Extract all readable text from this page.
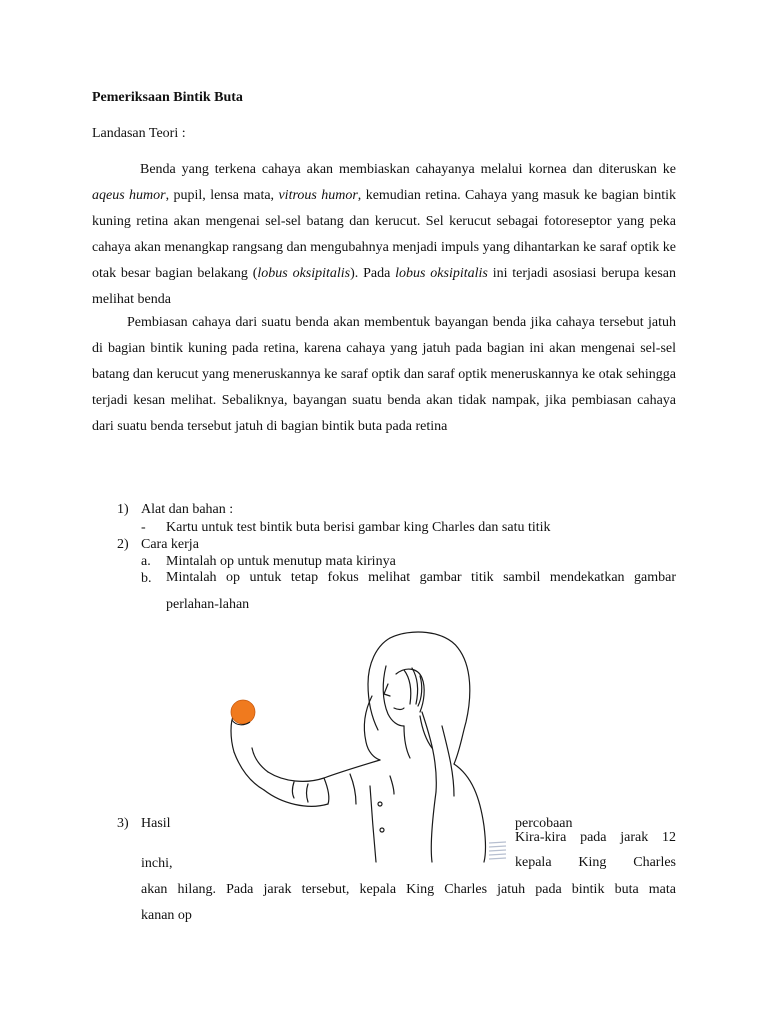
Pemeriksaan Bintik Buta
Landasan Teori :

Benda yang terkena cahaya akan membiaskan cahayanya melalui kornea dan diteruskan ke aqeus humor, pupil, lensa mata, vitrous humor, kemudian retina. Cahaya yang masuk ke bagian bintik kuning retina akan mengenai sel-sel batang dan kerucut. Sel kerucut sebagai fotoreseptor yang peka cahaya akan menangkap rangsang dan mengubahnya menjadi impuls yang dihantarkan ke saraf optik ke otak besar bagian belakang (lobus oksipitalis). Pada lobus oksipitalis ini terjadi asosiasi berupa kesan melihat benda

Pembiasan cahaya dari suatu benda akan membentuk bayangan benda jika cahaya tersebut jatuh di bagian bintik kuning pada retina, karena cahaya yang jatuh pada bagian ini akan mengenai sel-sel batang dan kerucut yang meneruskannya ke saraf optik dan saraf optik meneruskannya ke otak sehingga terjadi kesan melihat. Sebaliknya, bayangan suatu benda akan tidak nampak, jika pembiasan cahaya dari suatu benda tersebut jatuh di bagian bintik buta pada retina

1) Alat dan bahan :
- Kartu untuk test bintik buta berisi gambar king Charles dan satu titik
2) Cara kerja
a. Mintalah op untuk menutup mata kirinya
b. Mintalah op untuk tetap fokus melihat gambar titik sambil mendekatkan gambar
perlahan-lahan
3) Hasil	percobaan
Kira-kira pada jarak 12
inchi,	kepala King Charles
akan hilang. Pada jarak tersebut, kepala King Charles jatuh pada bintik buta mata
kanan op
